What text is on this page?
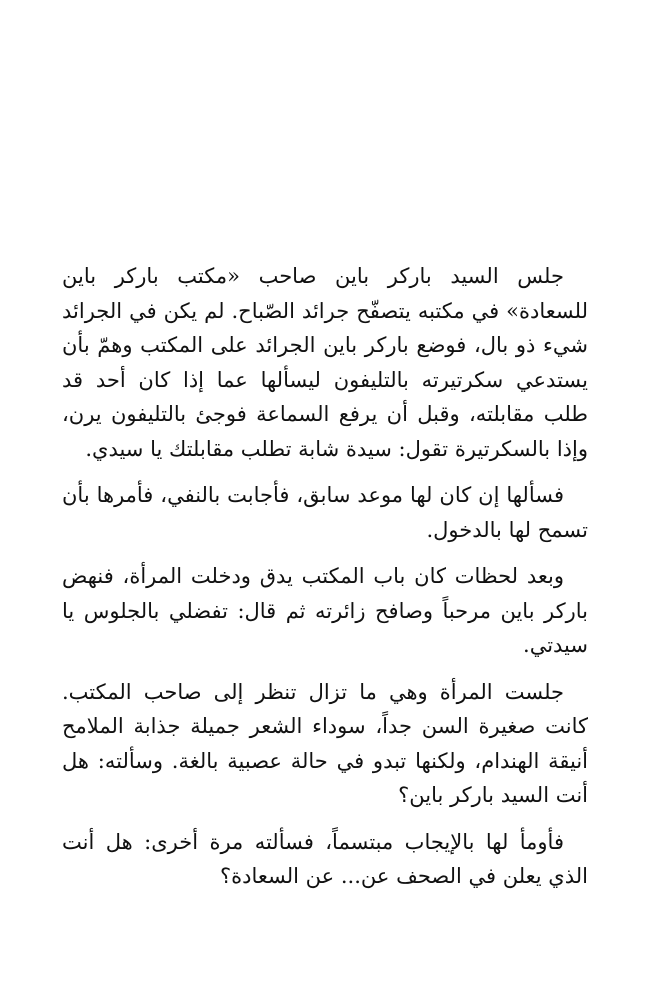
جلس السيد باركر باين صاحب «مكتب باركر باين للسعادة» في مكتبه يتصفّح جرائد الصّباح. لم يكن في الجرائد شيء ذو بال، فوضع باركر باين الجرائد على المكتب وهمّ بأن يستدعي سكرتيرته بالتليفون ليسألها عما إذا كان أحد قد طلب مقابلته، وقبل أن يرفع السماعة فوجئ بالتليفون يرن، وإذا بالسكرتيرة تقول: سيدة شابة تطلب مقابلتك يا سيدي.

فسألها إن كان لها موعد سابق، فأجابت بالنفي، فأمرها بأن تسمح لها بالدخول.

وبعد لحظات كان باب المكتب يدق ودخلت المرأة، فنهض باركر باين مرحباً وصافح زائرته ثم قال: تفضلي بالجلوس يا سيدتي.

جلست المرأة وهي ما تزال تنظر إلى صاحب المكتب. كانت صغيرة السن جداً، سوداء الشعر جميلة جذابة الملامح أنيقة الهندام، ولكنها تبدو في حالة عصبية بالغة. وسألته: هل أنت السيد باركر باين؟

فأومأ لها بالإيجاب مبتسماً، فسألته مرة أخرى: هل أنت الذي يعلن في الصحف عن... عن السعادة؟
